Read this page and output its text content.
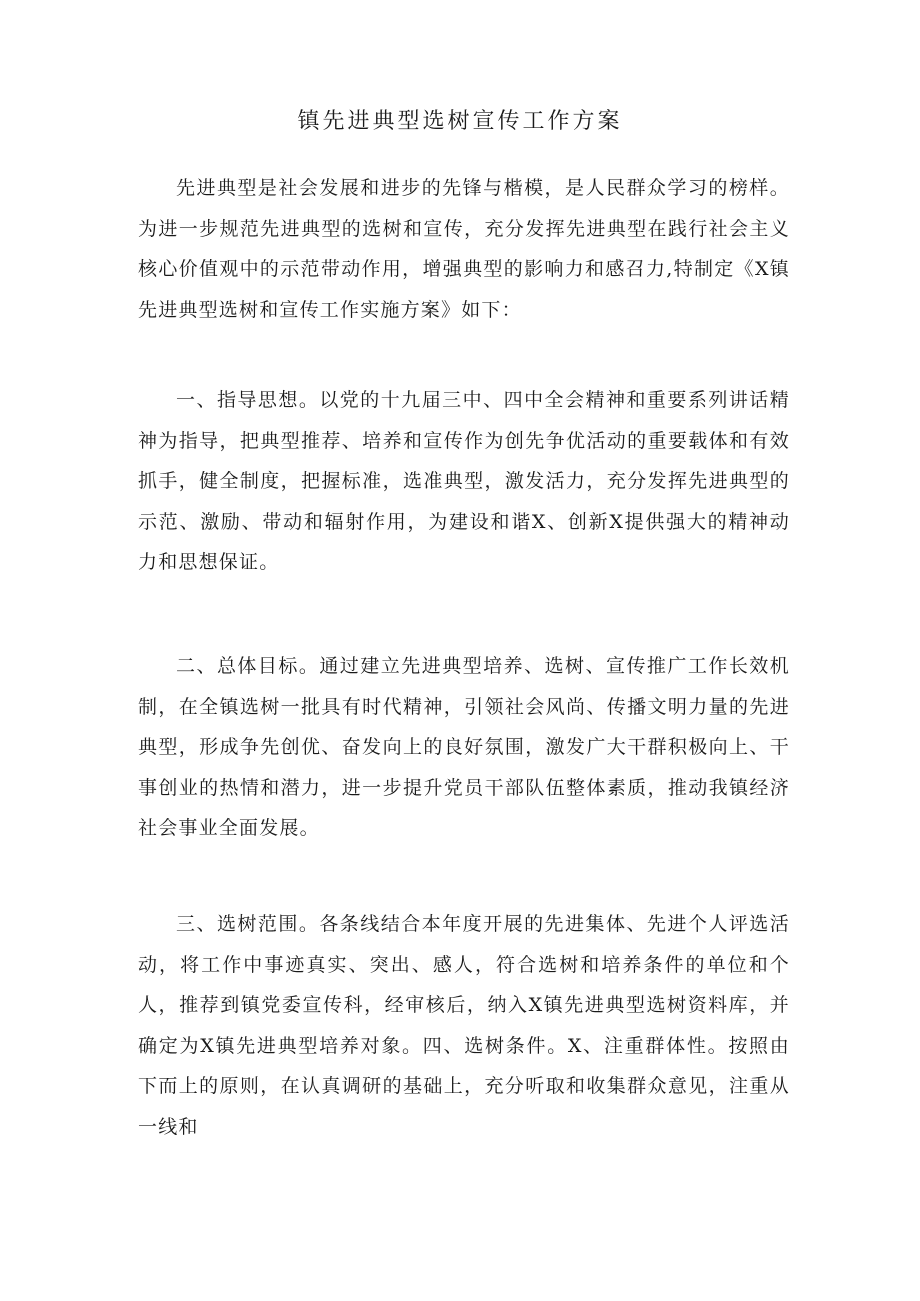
镇先进典型选树宣传工作方案

先进典型是社会发展和进步的先锋与楷模，是人民群众学习的榜样。为进一步规范先进典型的选树和宣传，充分发挥先进典型在践行社会主义核心价值观中的示范带动作用，增强典型的影响力和感召力,特制定《X镇先进典型选树和宣传工作实施方案》如下：

一、指导思想。以党的十九届三中、四中全会精神和重要系列讲话精神为指导，把典型推荐、培养和宣传作为创先争优活动的重要载体和有效抓手，健全制度，把握标准，选准典型，激发活力，充分发挥先进典型的示范、激励、带动和辐射作用，为建设和谐X、创新X提供强大的精神动力和思想保证。

二、总体目标。通过建立先进典型培养、选树、宣传推广工作长效机制，在全镇选树一批具有时代精神，引领社会风尚、传播文明力量的先进典型，形成争先创优、奋发向上的良好氛围，激发广大干群积极向上、干事创业的热情和潜力，进一步提升党员干部队伍整体素质，推动我镇经济社会事业全面发展。

三、选树范围。各条线结合本年度开展的先进集体、先进个人评选活动，将工作中事迹真实、突出、感人，符合选树和培养条件的单位和个人，推荐到镇党委宣传科，经审核后，纳入X镇先进典型选树资料库，并确定为X镇先进典型培养对象。四、选树条件。X、注重群体性。按照由下而上的原则，在认真调研的基础上，充分听取和收集群众意见，注重从一线和
